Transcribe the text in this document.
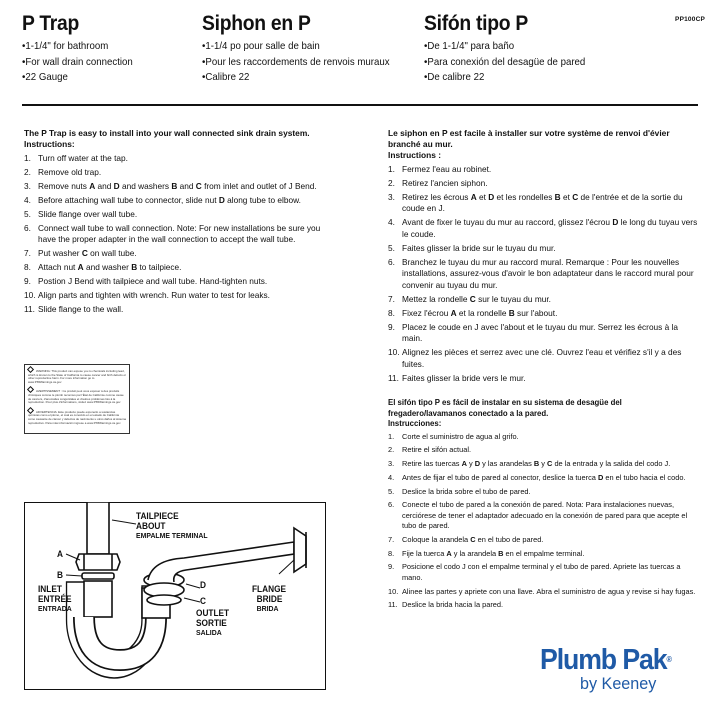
P Trap
• 1-1/4" for bathroom
• For wall drain connection
• 22 Gauge
Siphon en P
• 1-1/4 po pour salle de bain
• Pour les raccordements de renvois muraux
• Calibre 22
Sifón tipo P
• De 1-1/4" para baño
• Para conexión del desagüe de pared
• De calibre 22
PP100CP
The P Trap is easy to install into your wall connected sink drain system.
Instructions:
1. Turn off water at the tap.
2. Remove old trap.
3. Remove nuts A and D and washers B and C from inlet and outlet of J Bend.
4. Before attaching wall tube to connector, slide nut D along tube to elbow.
5. Slide flange over wall tube.
6. Connect wall tube to wall connection. Note: For new installations be sure you have the proper adapter in the wall connection to accept the wall tube.
7. Put washer C on wall tube.
8. Attach nut A and washer B to tailpiece.
9. Postion J Bend with tailpiece and wall tube. Hand-tighten nuts.
10. Align parts and tighten with wrench. Run water to test for leaks.
11. Slide flange to the wall.
Le siphon en P est facile à installer sur votre système de renvoi d'évier branché au mur.
Instructions :
1. Fermez l'eau au robinet.
2. Retirez l'ancien siphon.
3. Retirez les écrous A et D et les rondelles B et C de l'entrée et de la sortie du coude en J.
4. Avant de fixer le tuyau du mur au raccord, glissez l'écrou D le long du tuyau vers le coude.
5. Faites glisser la bride sur le tuyau du mur.
6. Branchez le tuyau du mur au raccord mural. Remarque : Pour les nouvelles installations, assurez-vous d'avoir le bon adaptateur dans le raccord mural pour convenir au tuyau du mur.
7. Mettez la rondelle C sur le tuyau du mur.
8. Fixez l'écrou A et la rondelle B sur l'about.
9. Placez le coude en J avec l'about et le tuyau du mur. Serrez les écrous à la main.
10. Alignez les pièces et serrez avec une clé. Ouvrez l'eau et vérifiez s'il y a des fuites.
11. Faites glisser la bride vers le mur.
El sifón tipo P es fácil de instalar en su sistema de desagüe del fregadero/lavamanos conectado a la pared.
Instrucciones:
1.	Corte el suministro de agua al grifo.
2.	Retire el sifón actual.
3.	Retire las tuercas A y D y las arandelas B y C de la entrada y la salida del codo J.
4.	Antes de fijar el tubo de pared al conector, deslice la tuerca D en el tubo hacia el codo.
5.	Deslice la brida sobre el tubo de pared.
6.	Conecte el tubo de pared a la conexión de pared. Nota: Para instalaciones nuevas, cerciórese de tener el adaptador adecuado en la conexión de pared para que acepte el tubo de pared.
7.	Coloque la arandela C en el tubo de pared.
8.	Fije la tuerca A y la arandela B en el empalme terminal.
9.	Posicione el codo J con el empalme terminal y el tubo de pared. Apriete las tuercas a mano.
10. Alinee las partes y apriete con una llave. Abra el suministro de agua y revise si hay fugas.
11. Deslice la brida hacia la pared.
WARNING: This product can expose you to chemicals including lead, which is known to the State of California to cause cancer and birth defects or other reproductive harm. For more information go to www.P65Warnings.ca.gov
AVERTISSEMENT : Ce produit peut vous exposer à des produits chimiques comme le plomb reconnus par l'État de Californie comme cause de cancers, d'anomalies congénitales et d'autres problèmes liés à la reproduction. Pour plus d'informations, visitez www.P65Warnings.ca.gov
ADVERTENCIA: Este producto puede exponerlo a sustancias químicas como el plomo, el cual es conocido en el estado de California como causante de cáncer y defectos de nacimiento u otros daños al sistema reproductivo. Para más información ingrese a www.P65Warnings.ca.gov
TAILPIECE
ABOUT
EMPALME TERMINAL
A
B
D
C
INLET
ENTRÉE
ENTRADA	OUTLET
SORTIE
SALIDA
FLANGE
BRIDE
BRIDA
Plumb Pak®
by Keeney
